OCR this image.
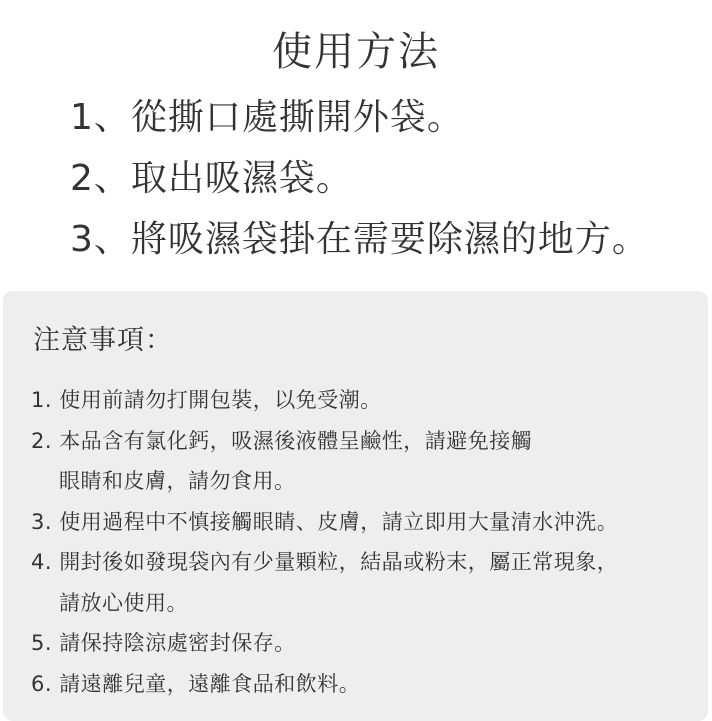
使用方法
1、從撕口處撕開外袋。
2、取出吸濕袋。
3、將吸濕袋掛在需要除濕的地方。
注意事項：
1. 使用前請勿打開包裝，以免受潮。
2. 本品含有氯化鈣，吸濕後液體呈鹼性，請避免接觸
眼睛和皮膚，請勿食用。
3. 使用過程中不慎接觸眼睛、皮膚，請立即用大量清水沖洗。
4. 開封後如發現袋內有少量顆粒，結晶或粉末，屬正常現象，
請放心使用。
5. 請保持陰涼處密封保存。
6. 請遠離兒童，遠離食品和飲料。
